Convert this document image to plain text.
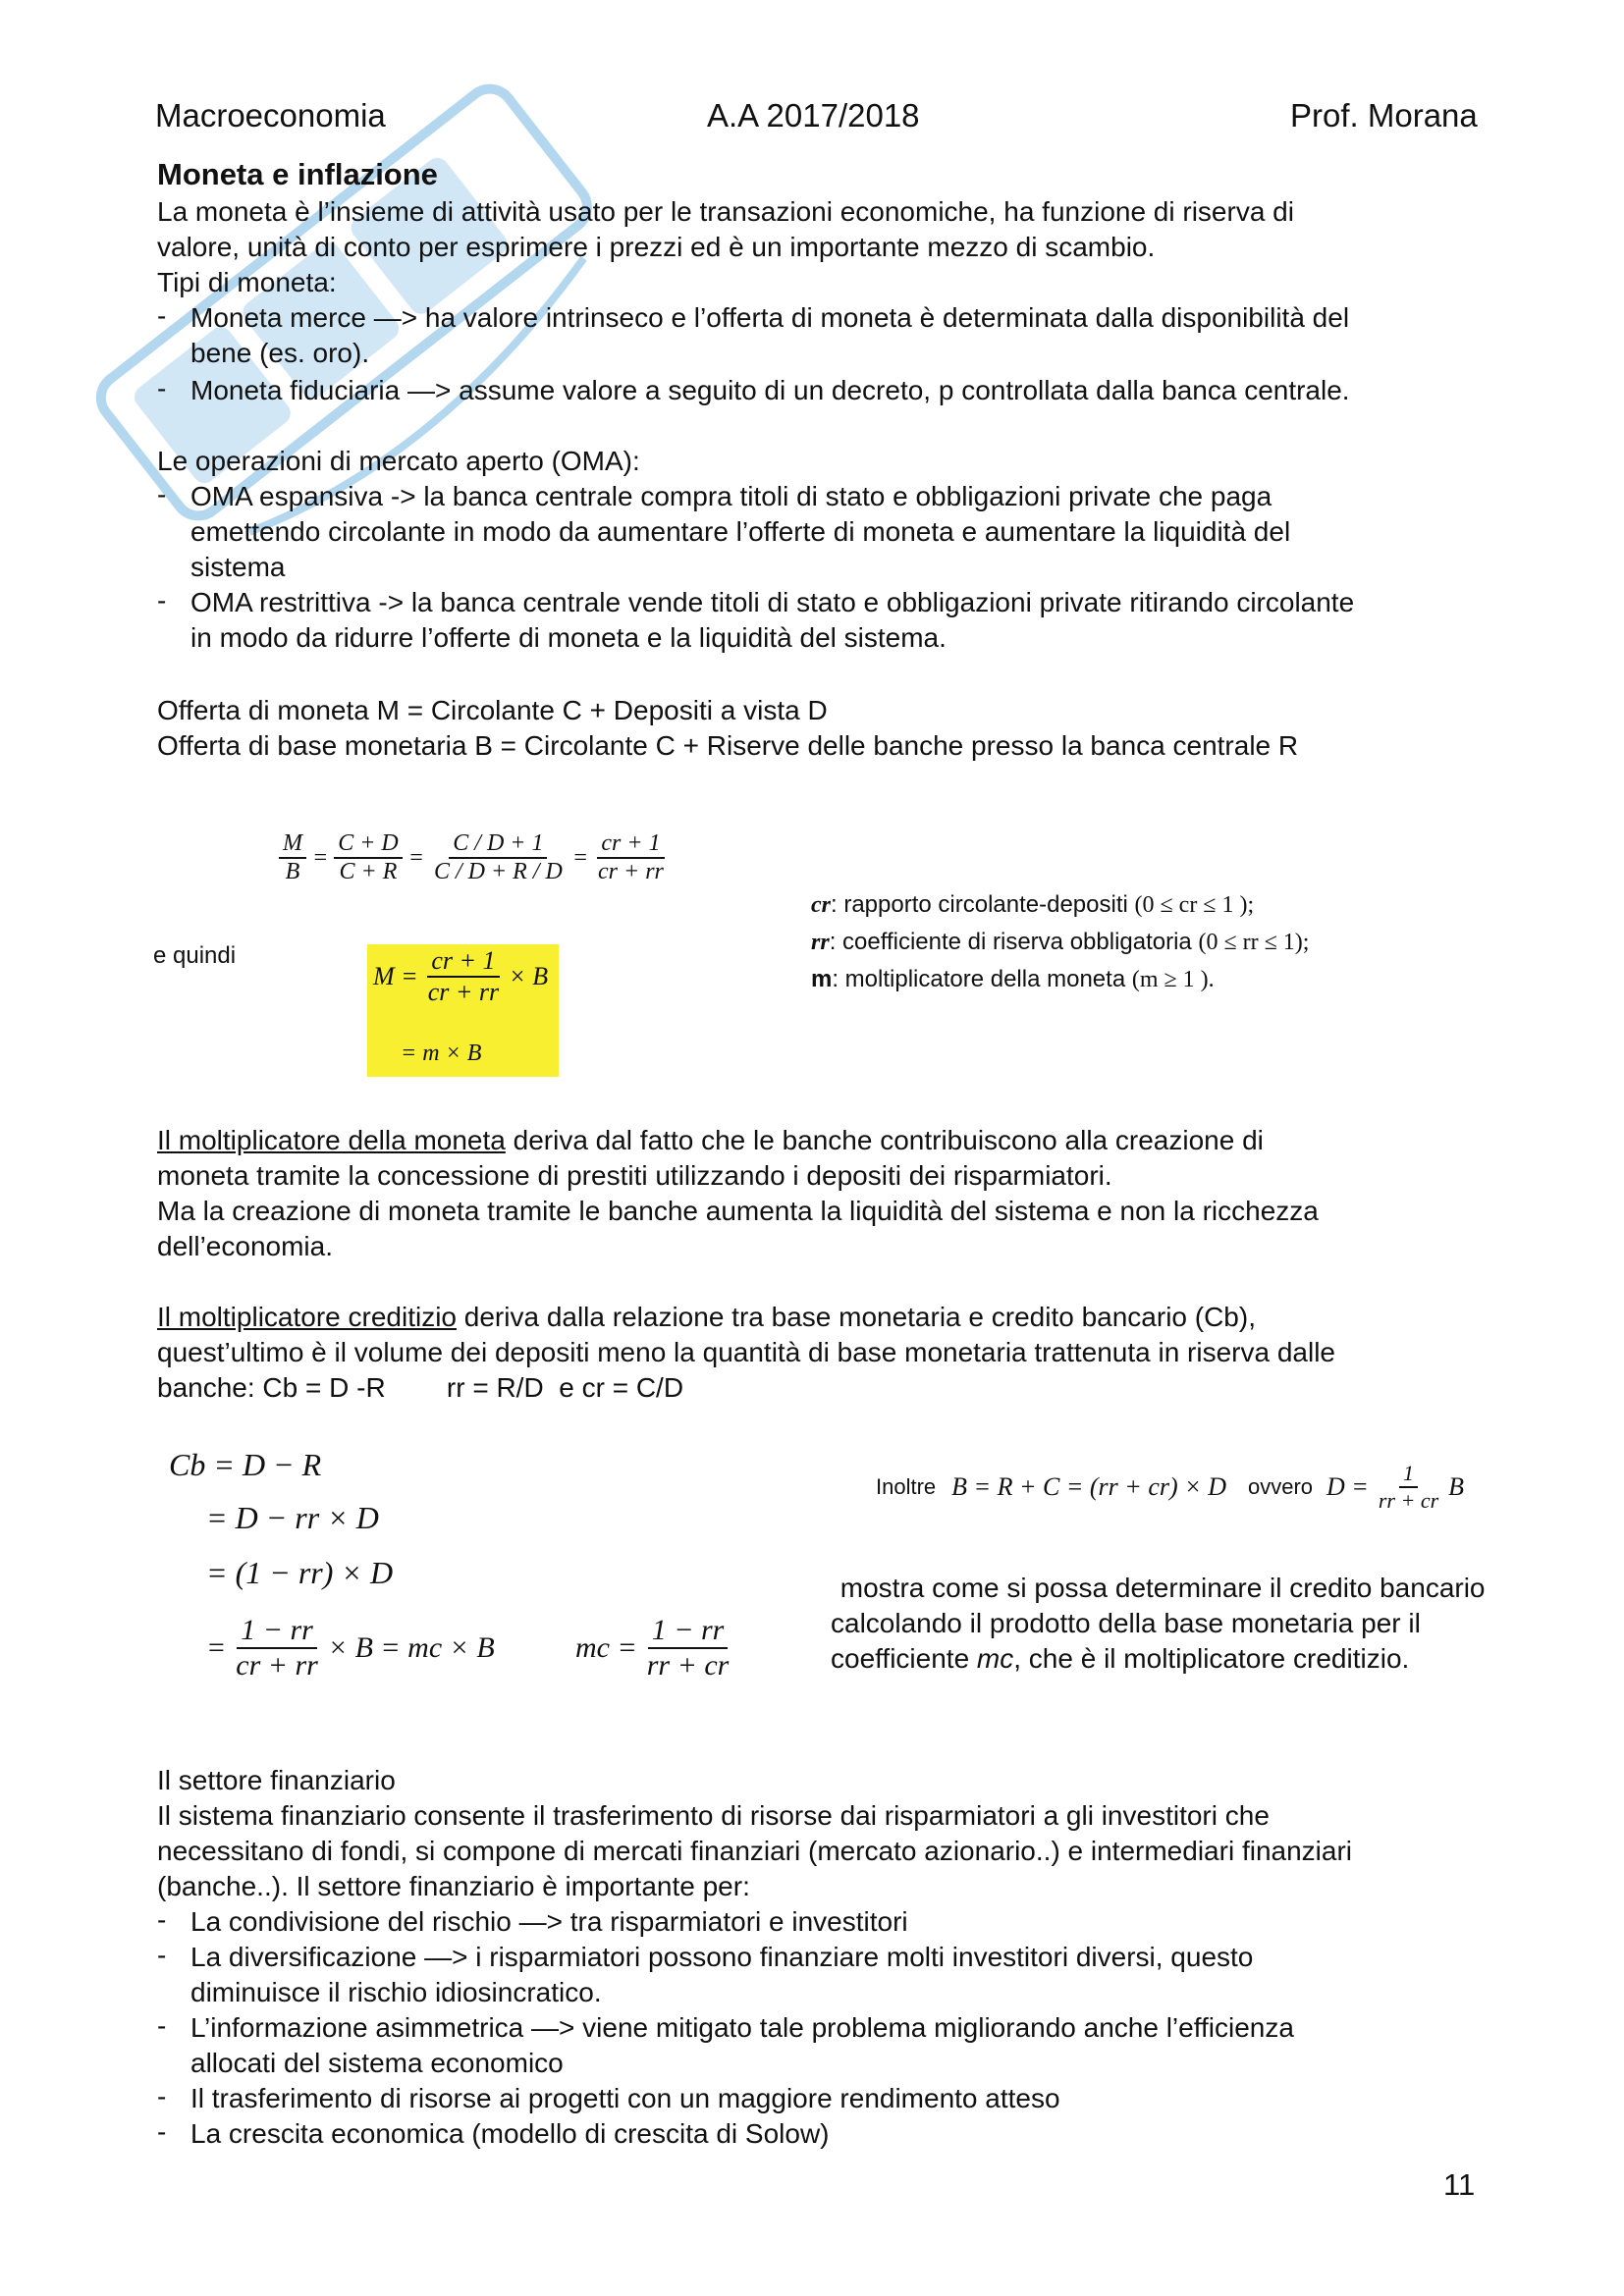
Macroeconomia	A.A 2017/2018	Prof. Morana
Moneta e inflazione
La moneta è l’insieme di attività usato per le transazioni economiche, ha funzione di riserva di
valore, unità di conto per esprimere i prezzi ed è un importante mezzo di scambio.
Tipi di moneta:
- Moneta merce —> ha valore intrinseco e l’offerta di moneta è determinata dalla disponibilità del
bene (es. oro).
- Moneta fiduciaria —> assume valore a seguito di un decreto, p controllata dalla banca centrale.
Le operazioni di mercato aperto (OMA):
- OMA espansiva -> la banca centrale compra titoli di stato e obbligazioni private che paga
emettendo circolante in modo da aumentare l’offerte di moneta e aumentare la liquidità del
sistema
- OMA restrittiva -> la banca centrale vende titoli di stato e obbligazioni private ritirando circolante
in modo da ridurre l’offerte di moneta e la liquidità del sistema.
Offerta di moneta M = Circolante C + Depositi a vista D
Offerta di base monetaria B = Circolante C + Riserve delle banche presso la banca centrale R
$\frac{M}{B} = \frac{C + D}{C + R} = \frac{C / D + 1}{C / D + R / D} = \frac{cr + 1}{cr + rr}$
e quindi
$M = \frac{cr + 1}{cr + rr} \times B$
= m × B
cr: rapporto circolante-depositi (0 ≤ cr ≤ 1 );
rr: coefficiente di riserva obbligatoria (0 ≤ rr ≤ 1);
m: moltiplicatore della moneta (m ≥ 1 ).
Il moltiplicatore della moneta deriva dal fatto che le banche contribuiscono alla creazione di
moneta tramite la concessione di prestiti utilizzando i depositi dei risparmiatori.
Ma la creazione di moneta tramite le banche aumenta la liquidità del sistema e non la ricchezza
dell’economia.
Il moltiplicatore creditizio deriva dalla relazione tra base monetaria e credito bancario (Cb),
quest’ultimo è il volume dei depositi meno la quantità di base monetaria trattenuta in riserva dalle
banche: Cb = D -R        rr = R/D  e cr = C/D
Cb = D − R
= D − rr × D
= (1 − rr) × D
= $\frac{1 - rr}{cr + rr} \times B$ = mc × B	mc = $\frac{1 - rr}{rr + cr}$
Inoltre B = R + C = (rr + cr) × D ovvero $D = \frac{1}{rr + cr}$ B
mostra come si possa determinare il credito bancario
calcolando il prodotto della base monetaria per il
coefficiente mc, che è il moltiplicatore creditizio.
Il settore finanziario
Il sistema finanziario consente il trasferimento di risorse dai risparmiatori a gli investitori che
necessitano di fondi, si compone di mercati finanziari (mercato azionario..) e intermediari finanziari
(banche..). Il settore finanziario è importante per:
- La condivisione del rischio —> tra risparmiatori e investitori
- La diversificazione —> i risparmiatori possono finanziare molti investitori diversi, questo
diminuisce il rischio idiosincratico.
- L’informazione asimmetrica —> viene mitigato tale problema migliorando anche l’efficienza
allocati del sistema economico
- Il trasferimento di risorse ai progetti con un maggiore rendimento atteso
- La crescita economica (modello di crescita di Solow)
11
